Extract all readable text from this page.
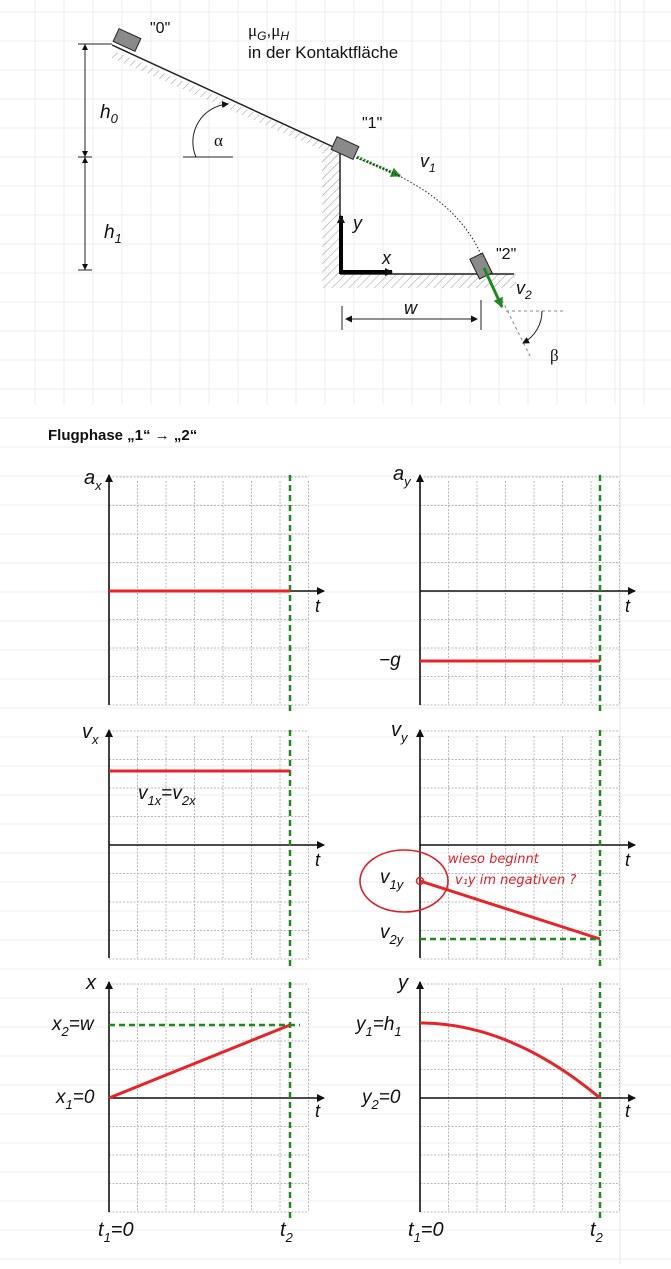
"0"
"1"
"2"
$\mu_G,\mu_H$
in der Kontaktfläche
$h_0$
$h_1$
α
$v_1$
$v_2$
β
y
x
w
Flugphase „1“ → „2“
$a_x$
t
$a_y$
t
−g
$v_x$
t
$v_{1x}=v_{2x}$
$v_y$
t
$v_{1y}$
$v_{2y}$
x
t
$x_2=w$
$x_1=0$
y
t
$y_1=h_1$
$y_2=0$
$t_1=0$	$t_2$	$t_1=0$	$t_2$
wieso beginnt
v₁y im negativen ?
